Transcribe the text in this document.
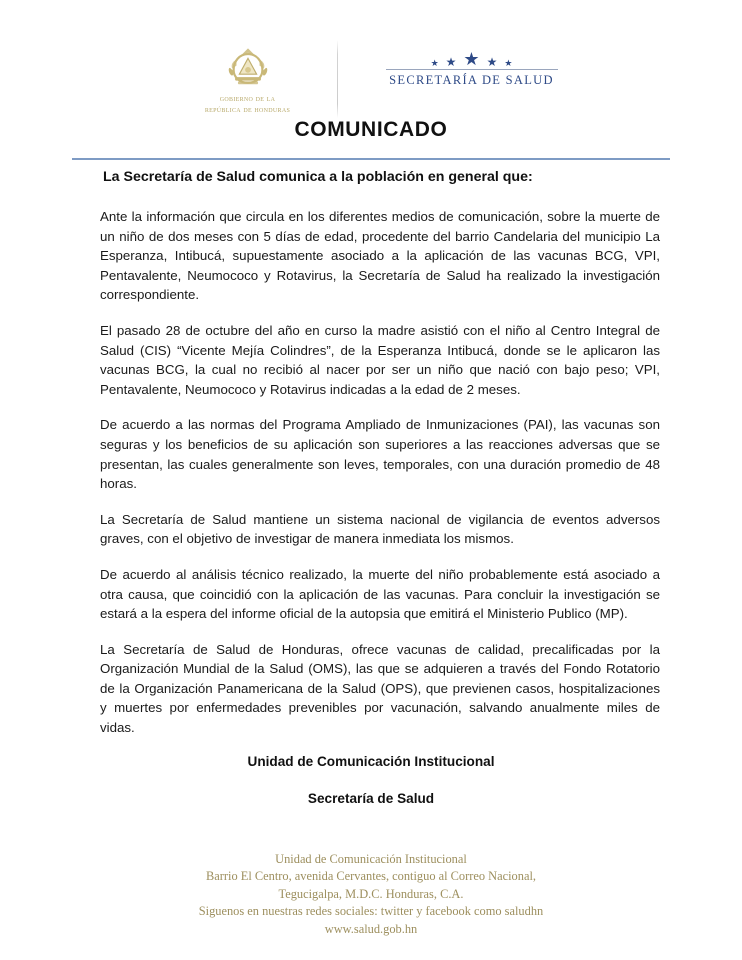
gobierno de la
república de honduras
★ ★ ★ ★ ★
SECRETARÍA DE SALUD
COMUNICADO
La Secretaría de Salud comunica a la población en general que:

Ante la información que circula en los diferentes medios de comunicación, sobre la muerte de un niño de dos meses con 5 días de edad, procedente del barrio Candelaria del municipio La Esperanza, Intibucá, supuestamente asociado a la aplicación de las vacunas BCG, VPI, Pentavalente, Neumococo y Rotavirus, la Secretaría de Salud ha realizado la investigación correspondiente.

El pasado 28 de octubre del año en curso la madre asistió con el niño al Centro Integral de Salud (CIS) “Vicente Mejía Colindres”, de la Esperanza Intibucá, donde se le aplicaron las vacunas BCG, la cual no recibió al nacer por ser un niño que nació con bajo peso; VPI, Pentavalente, Neumococo y Rotavirus indicadas a la edad de 2 meses.

De acuerdo a las normas del Programa Ampliado de Inmunizaciones (PAI), las vacunas son seguras y los beneficios de su aplicación son superiores a las reacciones adversas que se presentan, las cuales generalmente son leves, temporales, con una duración promedio de 48 horas.

La Secretaría de Salud mantiene un sistema nacional de vigilancia de eventos adversos graves, con el objetivo de investigar de manera inmediata los mismos.

De acuerdo al análisis técnico realizado, la muerte del niño probablemente está asociado a otra causa, que coincidió con la aplicación de las vacunas. Para concluir la investigación se estará a la espera del informe oficial de la autopsia que emitirá el Ministerio Publico (MP).

La Secretaría de Salud de Honduras, ofrece vacunas de calidad, precalificadas por la Organización Mundial de la Salud (OMS), las que se adquieren a través del Fondo Rotatorio de la Organización Panamericana de la Salud (OPS), que previenen casos, hospitalizaciones y muertes por enfermedades prevenibles por vacunación, salvando anualmente miles de vidas.

Unidad de Comunicación Institucional
Secretaría de Salud
Unidad de Comunicación Institucional
Barrio El Centro, avenida Cervantes, contiguo al Correo Nacional,
Tegucigalpa, M.D.C. Honduras, C.A.
Siguenos en nuestras redes sociales: twitter y facebook como saludhn
www.salud.gob.hn
